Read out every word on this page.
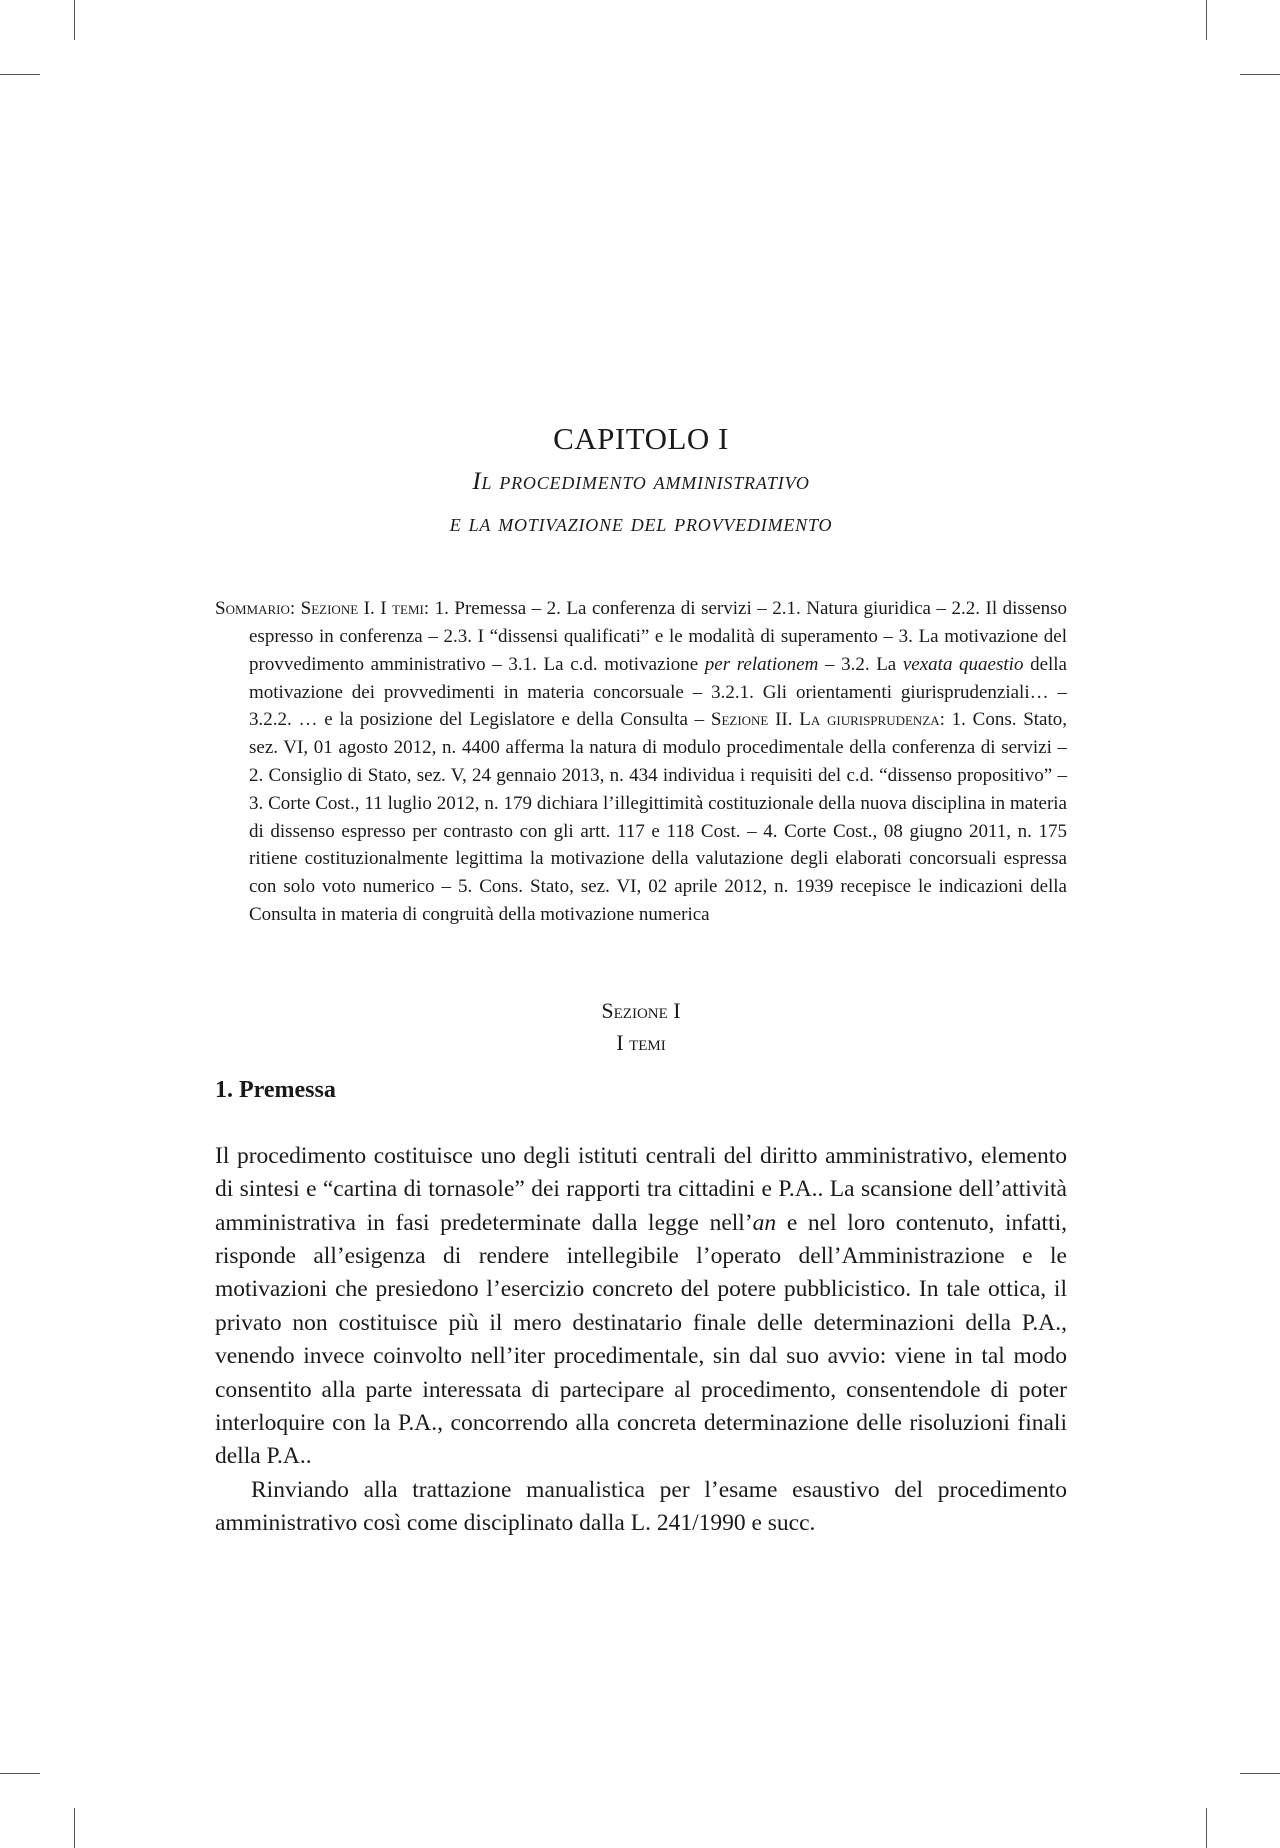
CAPITOLO I
Il procedimento amministrativo
e la motivazione del provvedimento
Sommario: Sezione I. I temi: 1. Premessa – 2. La conferenza di servizi – 2.1. Natura giuridica – 2.2. Il dissenso espresso in conferenza – 2.3. I “dissensi qualificati” e le modalità di superamento – 3. La motivazione del provvedimento amministrativo – 3.1. La c.d. motivazione per relationem – 3.2. La vexata quaestio della motivazione dei provvedimenti in materia concorsuale – 3.2.1. Gli orientamenti giurisprudenziali… – 3.2.2. … e la posizione del Legislatore e della Consulta – Sezione II. La giurisprudenza: 1. Cons. Stato, sez. VI, 01 agosto 2012, n. 4400 afferma la natura di modulo procedimentale della conferenza di servizi – 2. Consiglio di Stato, sez. V, 24 gennaio 2013, n. 434 individua i requisiti del c.d. “dissenso propositivo” – 3. Corte Cost., 11 luglio 2012, n. 179 dichiara l’illegittimità costituzionale della nuova disciplina in materia di dissenso espresso per contrasto con gli artt. 117 e 118 Cost. – 4. Corte Cost., 08 giugno 2011, n. 175 ritiene costituzionalmente legittima la motivazione della valutazione degli elaborati concorsuali espressa con solo voto numerico – 5. Cons. Stato, sez. VI, 02 aprile 2012, n. 1939 recepisce le indicazioni della Consulta in materia di congruità della motivazione numerica
Sezione I
I temi
1. Premessa

Il procedimento costituisce uno degli istituti centrali del diritto amministrativo, elemento di sintesi e “cartina di tornasole” dei rapporti tra cittadini e P.A.. La scansione dell’attività amministrativa in fasi predeterminate dalla legge nell’an e nel loro contenuto, infatti, risponde all’esigenza di rendere intellegibile l’operato dell’Amministrazione e le motivazioni che presiedono l’esercizio concreto del potere pubblicistico. In tale ottica, il privato non costituisce più il mero destinatario finale delle determinazioni della P.A., venendo invece coinvolto nell’iter procedimentale, sin dal suo avvio: viene in tal modo consentito alla parte interessata di partecipare al procedimento, consentendole di poter interloquire con la P.A., concorrendo alla concreta determinazione delle risoluzioni finali della P.A..

Rinviando alla trattazione manualistica per l’esame esaustivo del procedimento amministrativo così come disciplinato dalla L. 241/1990 e succ.
